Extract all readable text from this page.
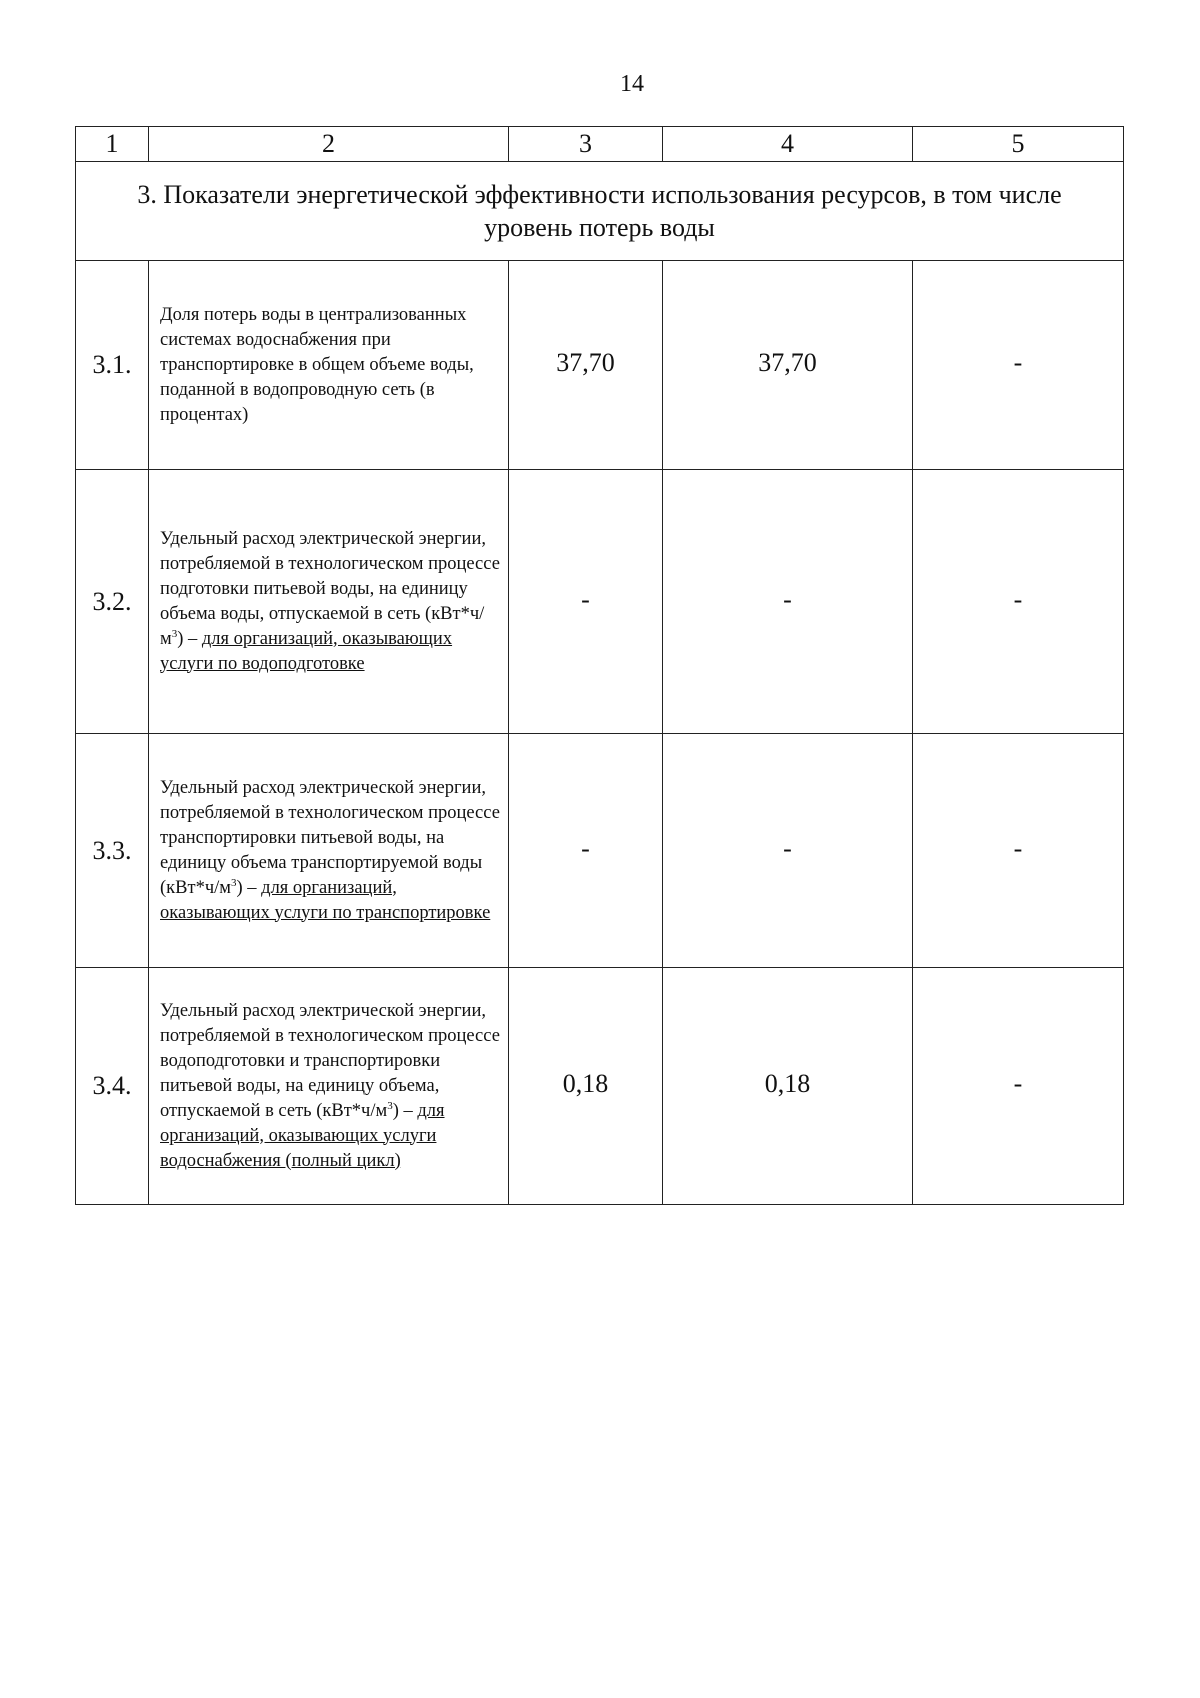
14
1	2	3	4	5
3. Показатели энергетической эффективности использования ресурсов, в том числе уровень потерь воды				
3.1.	Доля потерь воды в централизованных системах водоснабжения при транспортировке в общем объеме воды, поданной в водопроводную сеть (в процентах)	37,70	37,70	-
3.2.	Удельный расход электрической энергии, потребляемой в технологическом процессе подготовки питьевой воды, на единицу объема воды, отпускаемой в сеть $(кВт*ч/м^3)$ – для организаций, оказывающих услуги по водоподготовке	-	-	-
3.3.	Удельный расход электрической энергии, потребляемой в технологическом процессе транспортировки питьевой воды, на единицу объема транспортируемой воды $(кВт*ч/м^3)$ – для организаций, оказывающих услуги по транспортировке	-	-	-
3.4.	Удельный расход электрической энергии, потребляемой в технологическом процессе водоподготовки и транспортировки питьевой воды, на единицу объема, отпускаемой в сеть $(кВт*ч/м^3)$ – для организаций, оказывающих услуги водоснабжения (полный цикл)	0,18	0,18	-
